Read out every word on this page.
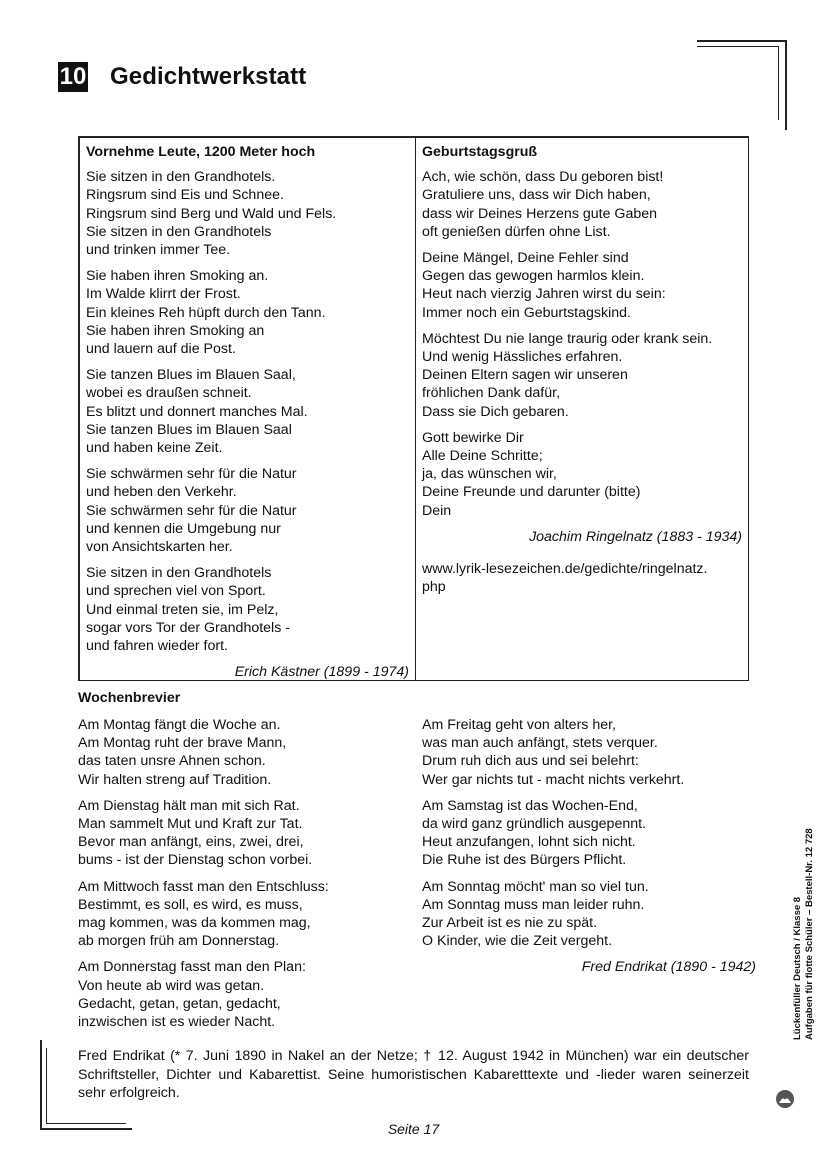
10 Gedichtwerkstatt
Vornehme Leute, 1200 Meter hoch
Sie sitzen in den Grandhotels.
Ringsrum sind Eis und Schnee.
Ringsrum sind Berg und Wald und Fels.
Sie sitzen in den Grandhotels
und trinken immer Tee.
Sie haben ihren Smoking an.
Im Walde klirrt der Frost.
Ein kleines Reh hüpft durch den Tann.
Sie haben ihren Smoking an
und lauern auf die Post.
Sie tanzen Blues im Blauen Saal,
wobei es draußen schneit.
Es blitzt und donnert manches Mal.
Sie tanzen Blues im Blauen Saal
und haben keine Zeit.
Sie schwärmen sehr für die Natur
und heben den Verkehr.
Sie schwärmen sehr für die Natur
und kennen die Umgebung nur
von Ansichtskarten her.
Sie sitzen in den Grandhotels
und sprechen viel von Sport.
Und einmal treten sie, im Pelz,
sogar vors Tor der Grandhotels -
und fahren wieder fort.
Erich Kästner (1899 - 1974)
Geburtstagsgruß
Ach, wie schön, dass Du geboren bist!
Gratuliere uns, dass wir Dich haben,
dass wir Deines Herzens gute Gaben
oft genießen dürfen ohne List.
Deine Mängel, Deine Fehler sind
Gegen das gewogen harmlos klein.
Heut nach vierzig Jahren wirst du sein:
Immer noch ein Geburtstagskind.
Möchtest Du nie lange traurig oder krank sein.
Und wenig Hässliches erfahren.
Deinen Eltern sagen wir unseren
fröhlichen Dank dafür,
Dass sie Dich gebaren.
Gott bewirke Dir
Alle Deine Schritte;
ja, das wünschen wir,
Deine Freunde und darunter (bitte)
Dein
Joachim Ringelnatz (1883 - 1934)
www.lyrik-lesezeichen.de/gedichte/ringelnatz.
php
Wochenbrevier
Am Montag fängt die Woche an.
Am Montag ruht der brave Mann,
das taten unsre Ahnen schon.
Wir halten streng auf Tradition.
Am Dienstag hält man mit sich Rat.
Man sammelt Mut und Kraft zur Tat.
Bevor man anfängt, eins, zwei, drei,
bums - ist der Dienstag schon vorbei.
Am Mittwoch fasst man den Entschluss:
Bestimmt, es soll, es wird, es muss,
mag kommen, was da kommen mag,
ab morgen früh am Donnerstag.
Am Donnerstag fasst man den Plan:
Von heute ab wird was getan.
Gedacht, getan, getan, gedacht,
inzwischen ist es wieder Nacht.
Am Freitag geht von alters her,
was man auch anfängt, stets verquer.
Drum ruh dich aus und sei belehrt:
Wer gar nichts tut - macht nichts verkehrt.
Am Samstag ist das Wochen-End,
da wird ganz gründlich ausgepennt.
Heut anzufangen, lohnt sich nicht.
Die Ruhe ist des Bürgers Pflicht.
Am Sonntag möcht' man so viel tun.
Am Sonntag muss man leider ruhn.
Zur Arbeit ist es nie zu spät.
O Kinder, wie die Zeit vergeht.
Fred Endrikat (1890 - 1942)
Fred Endrikat (* 7. Juni 1890 in Nakel an der Netze; † 12. August 1942 in München) war ein deutscher Schriftsteller, Dichter und Kabarettist. Seine humoristischen Kabaretttexte und -lieder waren seinerzeit sehr erfolgreich.
Seite 17
Lückenfüller Deutsch / Klasse 8 Aufgaben für flotte Schüler – Bestell-Nr. 12 728
